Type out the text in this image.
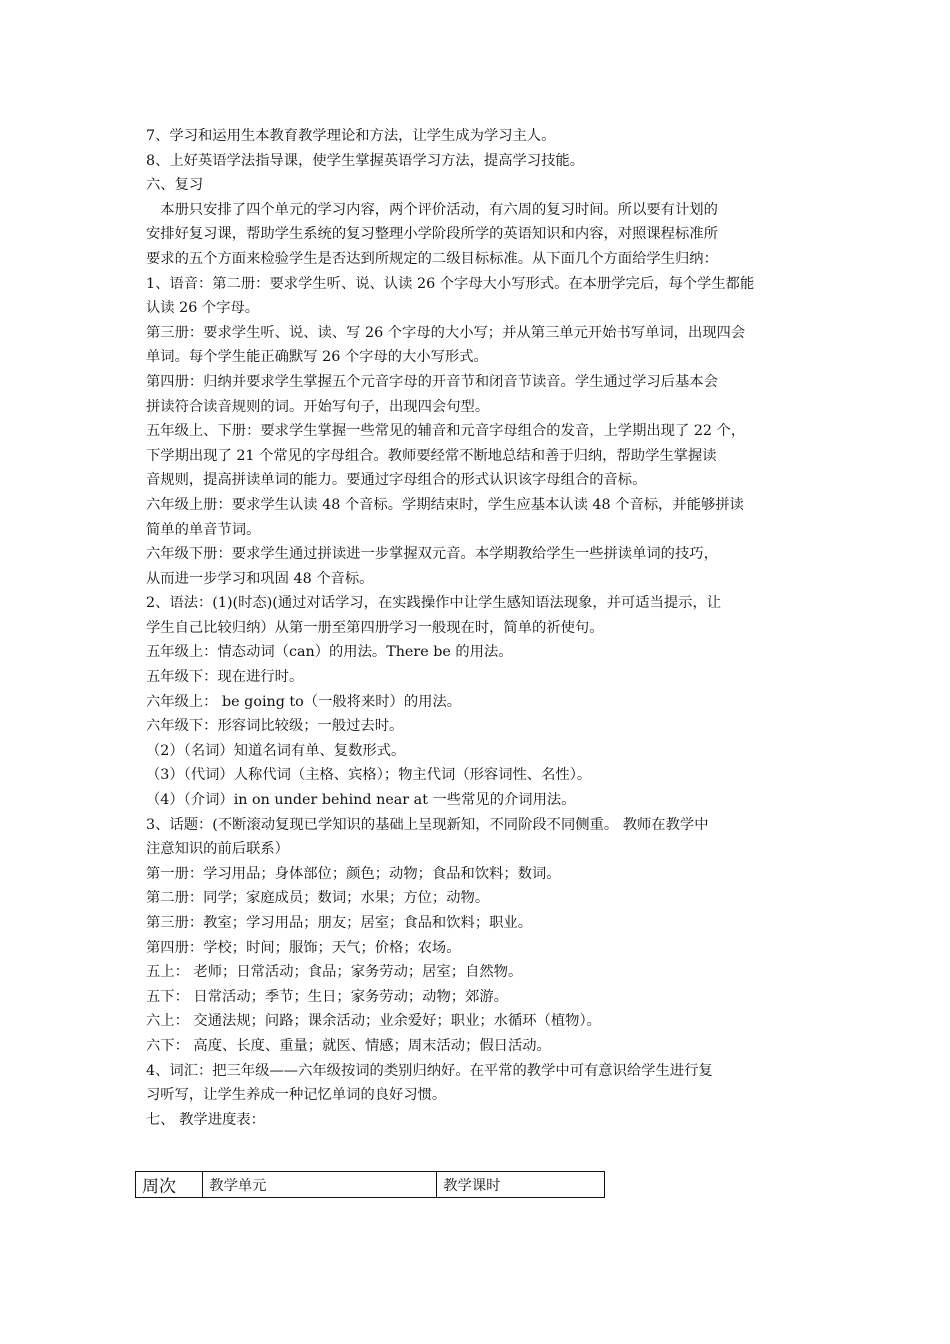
7、学习和运用生本教育教学理论和方法，让学生成为学习主人。
8、上好英语学法指导课，使学生掌握英语学习方法，提高学习技能。
六、复习
　本册只安排了四个单元的学习内容，两个评价活动，有六周的复习时间。所以要有计划的
安排好复习课，帮助学生系统的复习整理小学阶段所学的英语知识和内容，对照课程标准所
要求的五个方面来检验学生是否达到所规定的二级目标标准。从下面几个方面给学生归纳：
1、语音：第二册：要求学生听、说、认读 26 个字母大小写形式。在本册学完后，每个学生都能
认读 26 个字母。
第三册：要求学生听、说、读、写 26 个字母的大小写；并从第三单元开始书写单词，出现四会
单词。每个学生能正确默写 26 个字母的大小写形式。
第四册：归纳并要求学生掌握五个元音字母的开音节和闭音节读音。学生通过学习后基本会
拼读符合读音规则的词。开始写句子，出现四会句型。
五年级上、下册：要求学生掌握一些常见的辅音和元音字母组合的发音，上学期出现了 22 个，
下学期出现了 21 个常见的字母组合。教师要经常不断地总结和善于归纳，帮助学生掌握读
音规则，提高拼读单词的能力。要通过字母组合的形式认识该字母组合的音标。
六年级上册：要求学生认读 48 个音标。学期结束时，学生应基本认读 48 个音标，并能够拼读
简单的单音节词。
六年级下册：要求学生通过拼读进一步掌握双元音。本学期教给学生一些拼读单词的技巧，
从而进一步学习和巩固 48 个音标。
2、语法：(1)(时态)(通过对话学习，在实践操作中让学生感知语法现象，并可适当提示，让
学生自己比较归纳）从第一册至第四册学习一般现在时，简单的祈使句。
五年级上：情态动词（can）的用法。There be 的用法。
五年级下：现在进行时。
六年级上： be going to（一般将来时）的用法。
六年级下：形容词比较级；一般过去时。
（2）（名词）知道名词有单、复数形式。
（3）（代词）人称代词（主格、宾格）；物主代词（形容词性、名性）。
（4）（介词）in on under behind near at 一些常见的介词用法。
3、话题：(不断滚动复现已学知识的基础上呈现新知，不同阶段不同侧重。 教师在教学中
注意知识的前后联系）
第一册：学习用品；身体部位；颜色；动物；食品和饮料；数词。
第二册：同学；家庭成员；数词；水果；方位；动物。
第三册：教室；学习用品；朋友；居室；食品和饮料；职业。
第四册：学校；时间；服饰；天气；价格；农场。
五上： 老师；日常活动；食品；家务劳动；居室；自然物。
五下： 日常活动；季节；生日；家务劳动；动物；郊游。
六上： 交通法规；问路；课余活动；业余爱好；职业；水循环（植物）。
六下： 高度、长度、重量；就医、情感；周末活动；假日活动。
4、词汇：把三年级——六年级按词的类别归纳好。在平常的教学中可有意识给学生进行复
习听写，让学生养成一种记忆单词的良好习惯。
七、 教学进度表：
周次	教学单元	教学课时
